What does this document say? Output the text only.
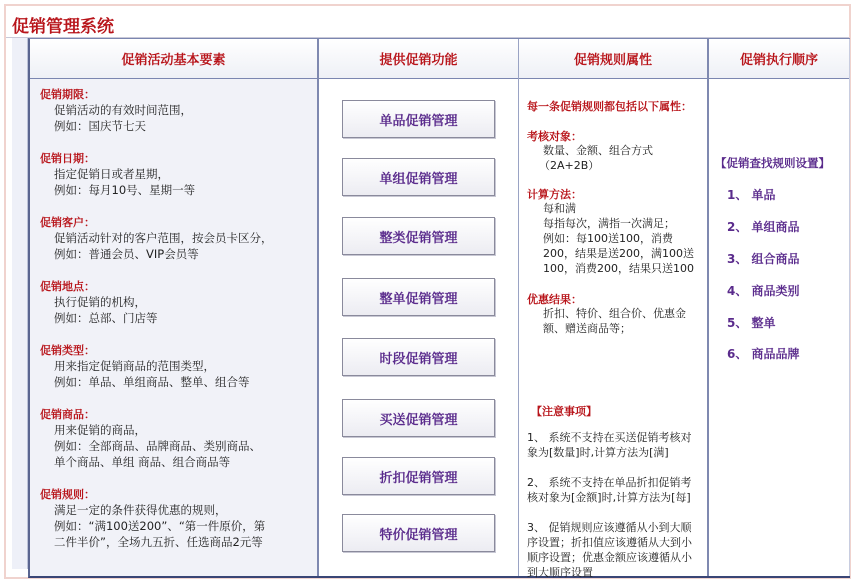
促销管理系统
促销活动基本要素
促销期限：
促销活动的有效时间范围，
例如：国庆节七天
促销日期：
指定促销日或者星期，
例如：每月10号、星期一等
促销客户：
促销活动针对的客户范围，按会员卡区分，
例如：普通会员、VIP会员等
促销地点：
执行促销的机构，
例如：总部、门店等
促销类型：
用来指定促销商品的范围类型，
例如：单品、单组商品、整单、组合等
促销商品：
用来促销的商品，
例如：全部商品、品牌商品、类别商品、
单个商品、单组 商品、组合商品等
促销规则：
满足一定的条件获得优惠的规则，
例如：“满100送200”、“第一件原价，第
二件半价”，全场九五折、任选商品2元等
提供促销功能
单品促销管理
单组促销管理
整类促销管理
整单促销管理
时段促销管理
买送促销管理
折扣促销管理
特价促销管理
促销规则属性
每一条促销规则都包括以下属性：
考核对象：
数量、金额、组合方式
（2A+2B）
计算方法：
每和满
每指每次，满指一次满足；
例如：每100送100，消费
200，结果是送200，满100送
100，消费200，结果只送100
优惠结果：
折扣、特价、组合价、优惠金
额、赠送商品等；
【注意事项】
1、 系统不支持在买送促销考核对
象为[数量]时,计算方法为[满]
2、 系统不支持在单品折扣促销考
核对象为[金额]时,计算方法为[每]
3、 促销规则应该遵循从小到大顺
序设置；折扣值应该遵循从大到小
顺序设置；优惠金额应该遵循从小
到大顺序设置
促销执行顺序
【促销查找规则设置】
1、 单品
2、 单组商品
3、 组合商品
4、 商品类别
5、 整单
6、 商品品牌
